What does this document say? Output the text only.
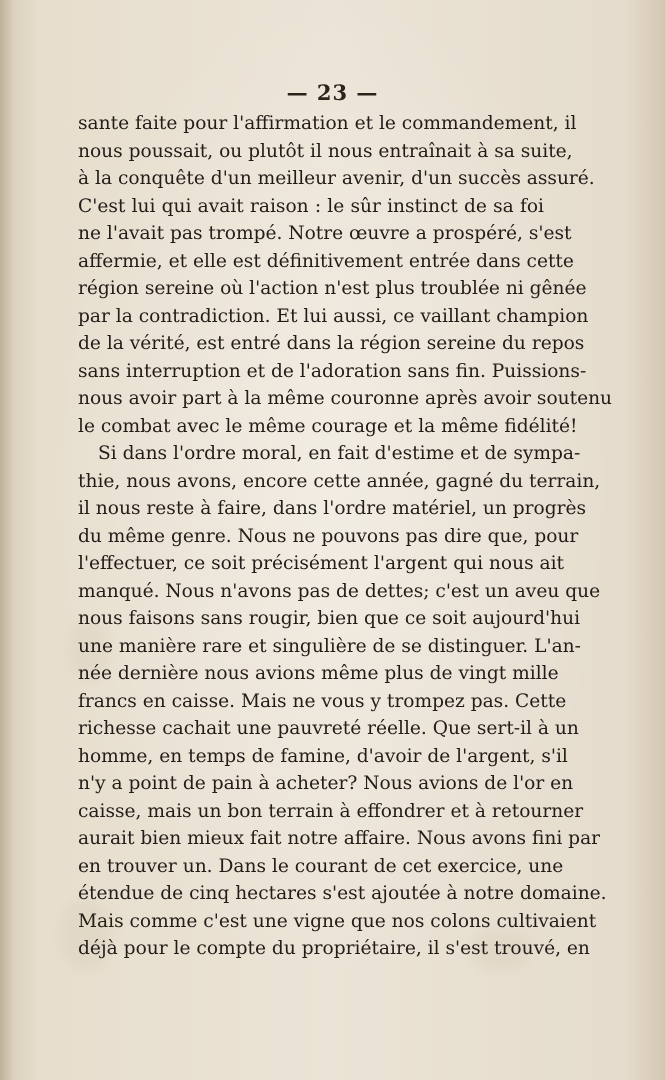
— 23 —
sante faite pour l'affirmation et le commandement, il
nous poussait, ou plutôt il nous entraînait à sa suite,
à la conquête d'un meilleur avenir, d'un succès assuré.
C'est lui qui avait raison : le sûr instinct de sa foi
ne l'avait pas trompé. Notre œuvre a prospéré, s'est
affermie, et elle est définitivement entrée dans cette
région sereine où l'action n'est plus troublée ni gênée
par la contradiction. Et lui aussi, ce vaillant champion
de la vérité, est entré dans la région sereine du repos
sans interruption et de l'adoration sans fin. Puissions-
nous avoir part à la même couronne après avoir soutenu
le combat avec le même courage et la même fidélité!
Si dans l'ordre moral, en fait d'estime et de sympa-
thie, nous avons, encore cette année, gagné du terrain,
il nous reste à faire, dans l'ordre matériel, un progrès
du même genre. Nous ne pouvons pas dire que, pour
l'effectuer, ce soit précisément l'argent qui nous ait
manqué. Nous n'avons pas de dettes; c'est un aveu que
nous faisons sans rougir, bien que ce soit aujourd'hui
une manière rare et singulière de se distinguer. L'an-
née dernière nous avions même plus de vingt mille
francs en caisse. Mais ne vous y trompez pas. Cette
richesse cachait une pauvreté réelle. Que sert-il à un
homme, en temps de famine, d'avoir de l'argent, s'il
n'y a point de pain à acheter? Nous avions de l'or en
caisse, mais un bon terrain à effondrer et à retourner
aurait bien mieux fait notre affaire. Nous avons fini par
en trouver un. Dans le courant de cet exercice, une
étendue de cinq hectares s'est ajoutée à notre domaine.
Mais comme c'est une vigne que nos colons cultivaient
déjà pour le compte du propriétaire, il s'est trouvé, en
